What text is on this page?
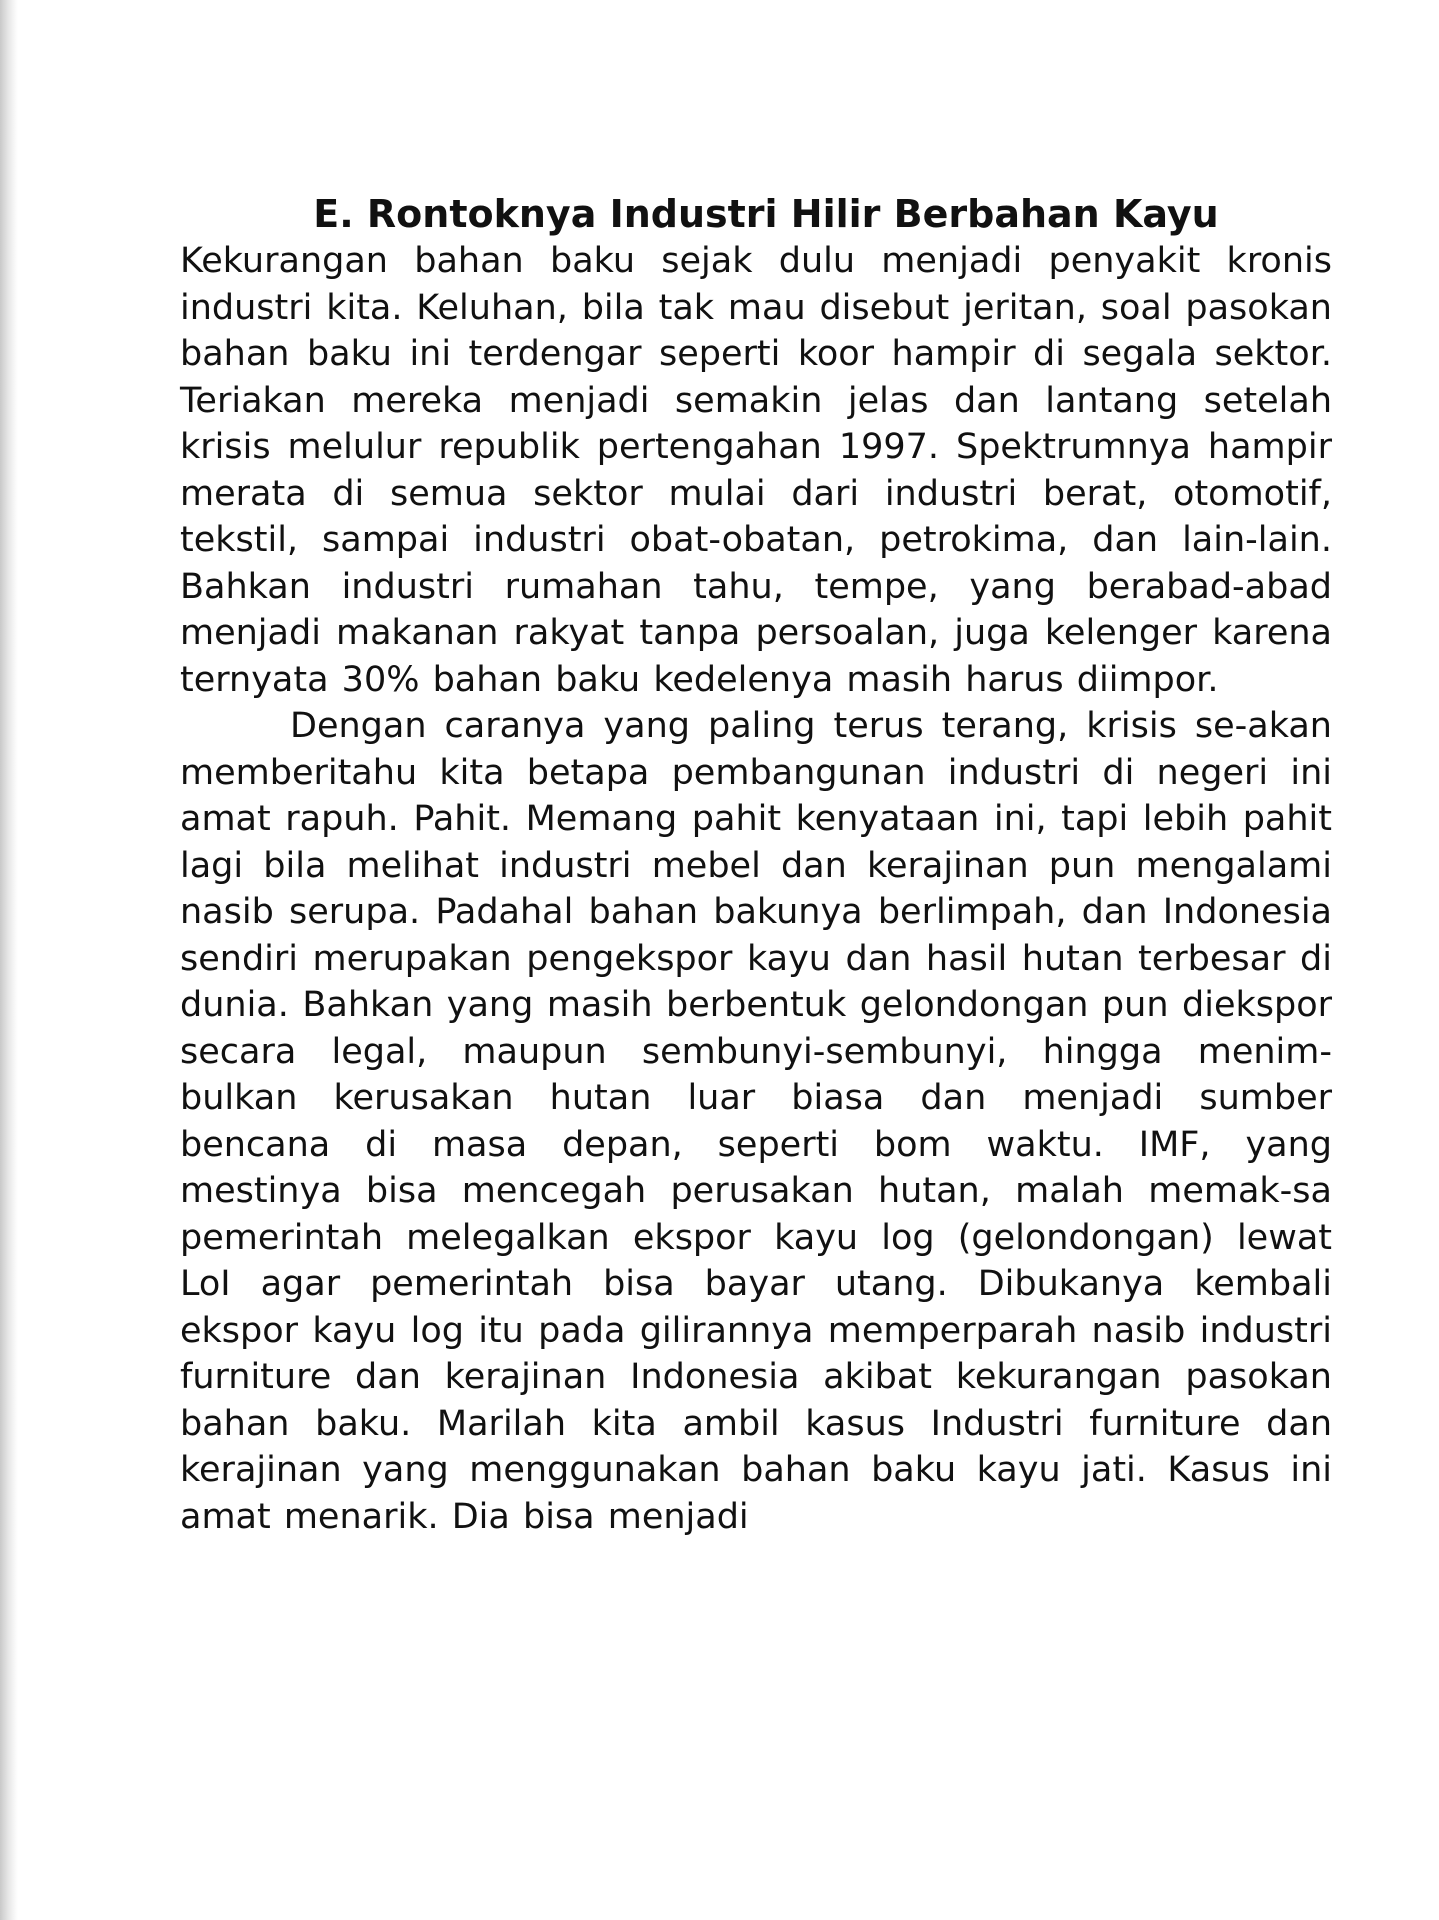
E. Rontoknya Industri Hilir Berbahan Kayu

Kekurangan bahan baku sejak dulu menjadi penyakit kronis industri kita. Keluhan, bila tak mau disebut jeritan, soal pasokan bahan baku ini terdengar seperti koor hampir di segala sektor. Teriakan mereka menjadi semakin jelas dan lantang setelah krisis melulur republik pertengahan 1997. Spektrumnya hampir merata di semua sektor mulai dari industri berat, otomotif, tekstil, sampai industri obat-obatan, petrokima, dan lain-lain. Bahkan industri rumahan tahu, tempe, yang berabad-abad menjadi makanan rakyat tanpa persoalan, juga kelenger karena ternyata 30% bahan baku kedelenya masih harus diimpor.

Dengan caranya yang paling terus terang, krisis se-akan memberitahu kita betapa pembangunan industri di negeri ini amat rapuh. Pahit. Memang pahit kenyataan ini, tapi lebih pahit lagi bila melihat industri mebel dan kerajinan pun mengalami nasib serupa. Padahal bahan bakunya berlimpah, dan Indonesia sendiri merupakan pengekspor kayu dan hasil hutan terbesar di dunia. Bahkan yang masih berbentuk gelondongan pun diekspor secara legal, maupun sembunyi-sembunyi, hingga menim-bulkan kerusakan hutan luar biasa dan menjadi sumber bencana di masa depan, seperti bom waktu. IMF, yang mestinya bisa mencegah perusakan hutan, malah memak-sa pemerintah melegalkan ekspor kayu log (gelondongan) lewat LoI agar pemerintah bisa bayar utang. Dibukanya kembali ekspor kayu log itu pada gilirannya memperparah nasib industri furniture dan kerajinan Indonesia akibat kekurangan pasokan bahan baku. Marilah kita ambil kasus Industri furniture dan kerajinan yang menggunakan bahan baku kayu jati. Kasus ini amat menarik. Dia bisa menjadi
